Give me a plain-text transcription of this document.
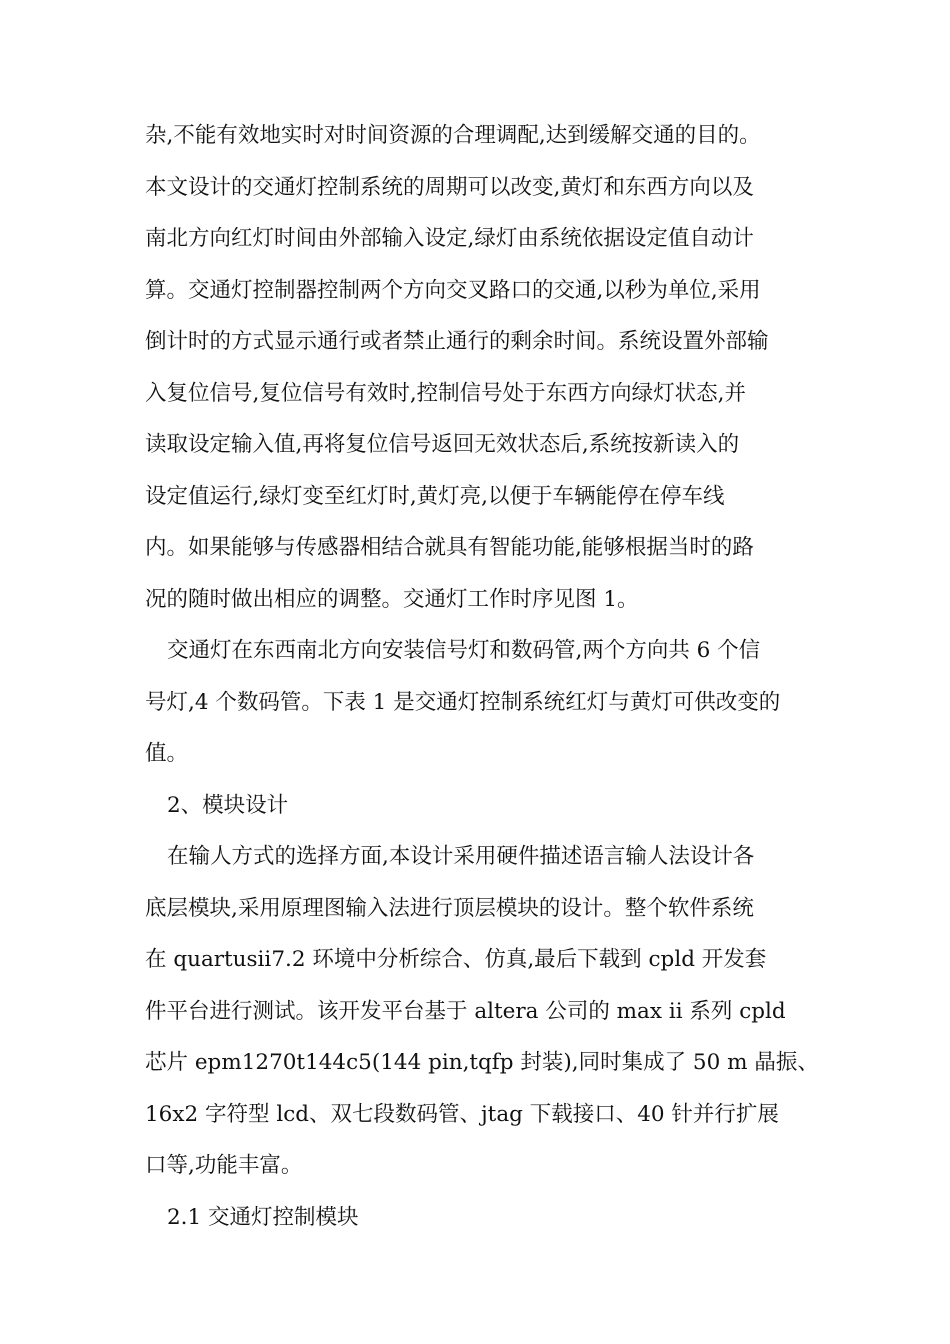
杂,不能有效地实时对时间资源的合理调配,达到缓解交通的目的。
本文设计的交通灯控制系统的周期可以改变,黄灯和东西方向以及
南北方向红灯时间由外部输入设定,绿灯由系统依据设定值自动计
算。交通灯控制器控制两个方向交叉路口的交通,以秒为单位,采用
倒计时的方式显示通行或者禁止通行的剩余时间。系统设置外部输
入复位信号,复位信号有效时,控制信号处于东西方向绿灯状态,并
读取设定输入值,再将复位信号返回无效状态后,系统按新读入的
设定值运行,绿灯变至红灯时,黄灯亮,以便于车辆能停在停车线
内。如果能够与传感器相结合就具有智能功能,能够根据当时的路
况的随时做出相应的调整。交通灯工作时序见图 1。
交通灯在东西南北方向安装信号灯和数码管,两个方向共 6 个信
号灯,4 个数码管。下表 1 是交通灯控制系统红灯与黄灯可供改变的
值。
2、模块设计
在输人方式的选择方面,本设计采用硬件描述语言输人法设计各
底层模块,采用原理图输入法进行顶层模块的设计。整个软件系统
在 quartusii7.2 环境中分析综合、仿真,最后下载到 cpld 开发套
件平台进行测试。该开发平台基于 altera 公司的 max ii 系列 cpld
芯片 epm1270t144c5(144 pin,tqfp 封装),同时集成了 50 m 晶振、
16x2 字符型 lcd、双七段数码管、jtag 下载接口、40 针并行扩展
口等,功能丰富。
2.1 交通灯控制模块
